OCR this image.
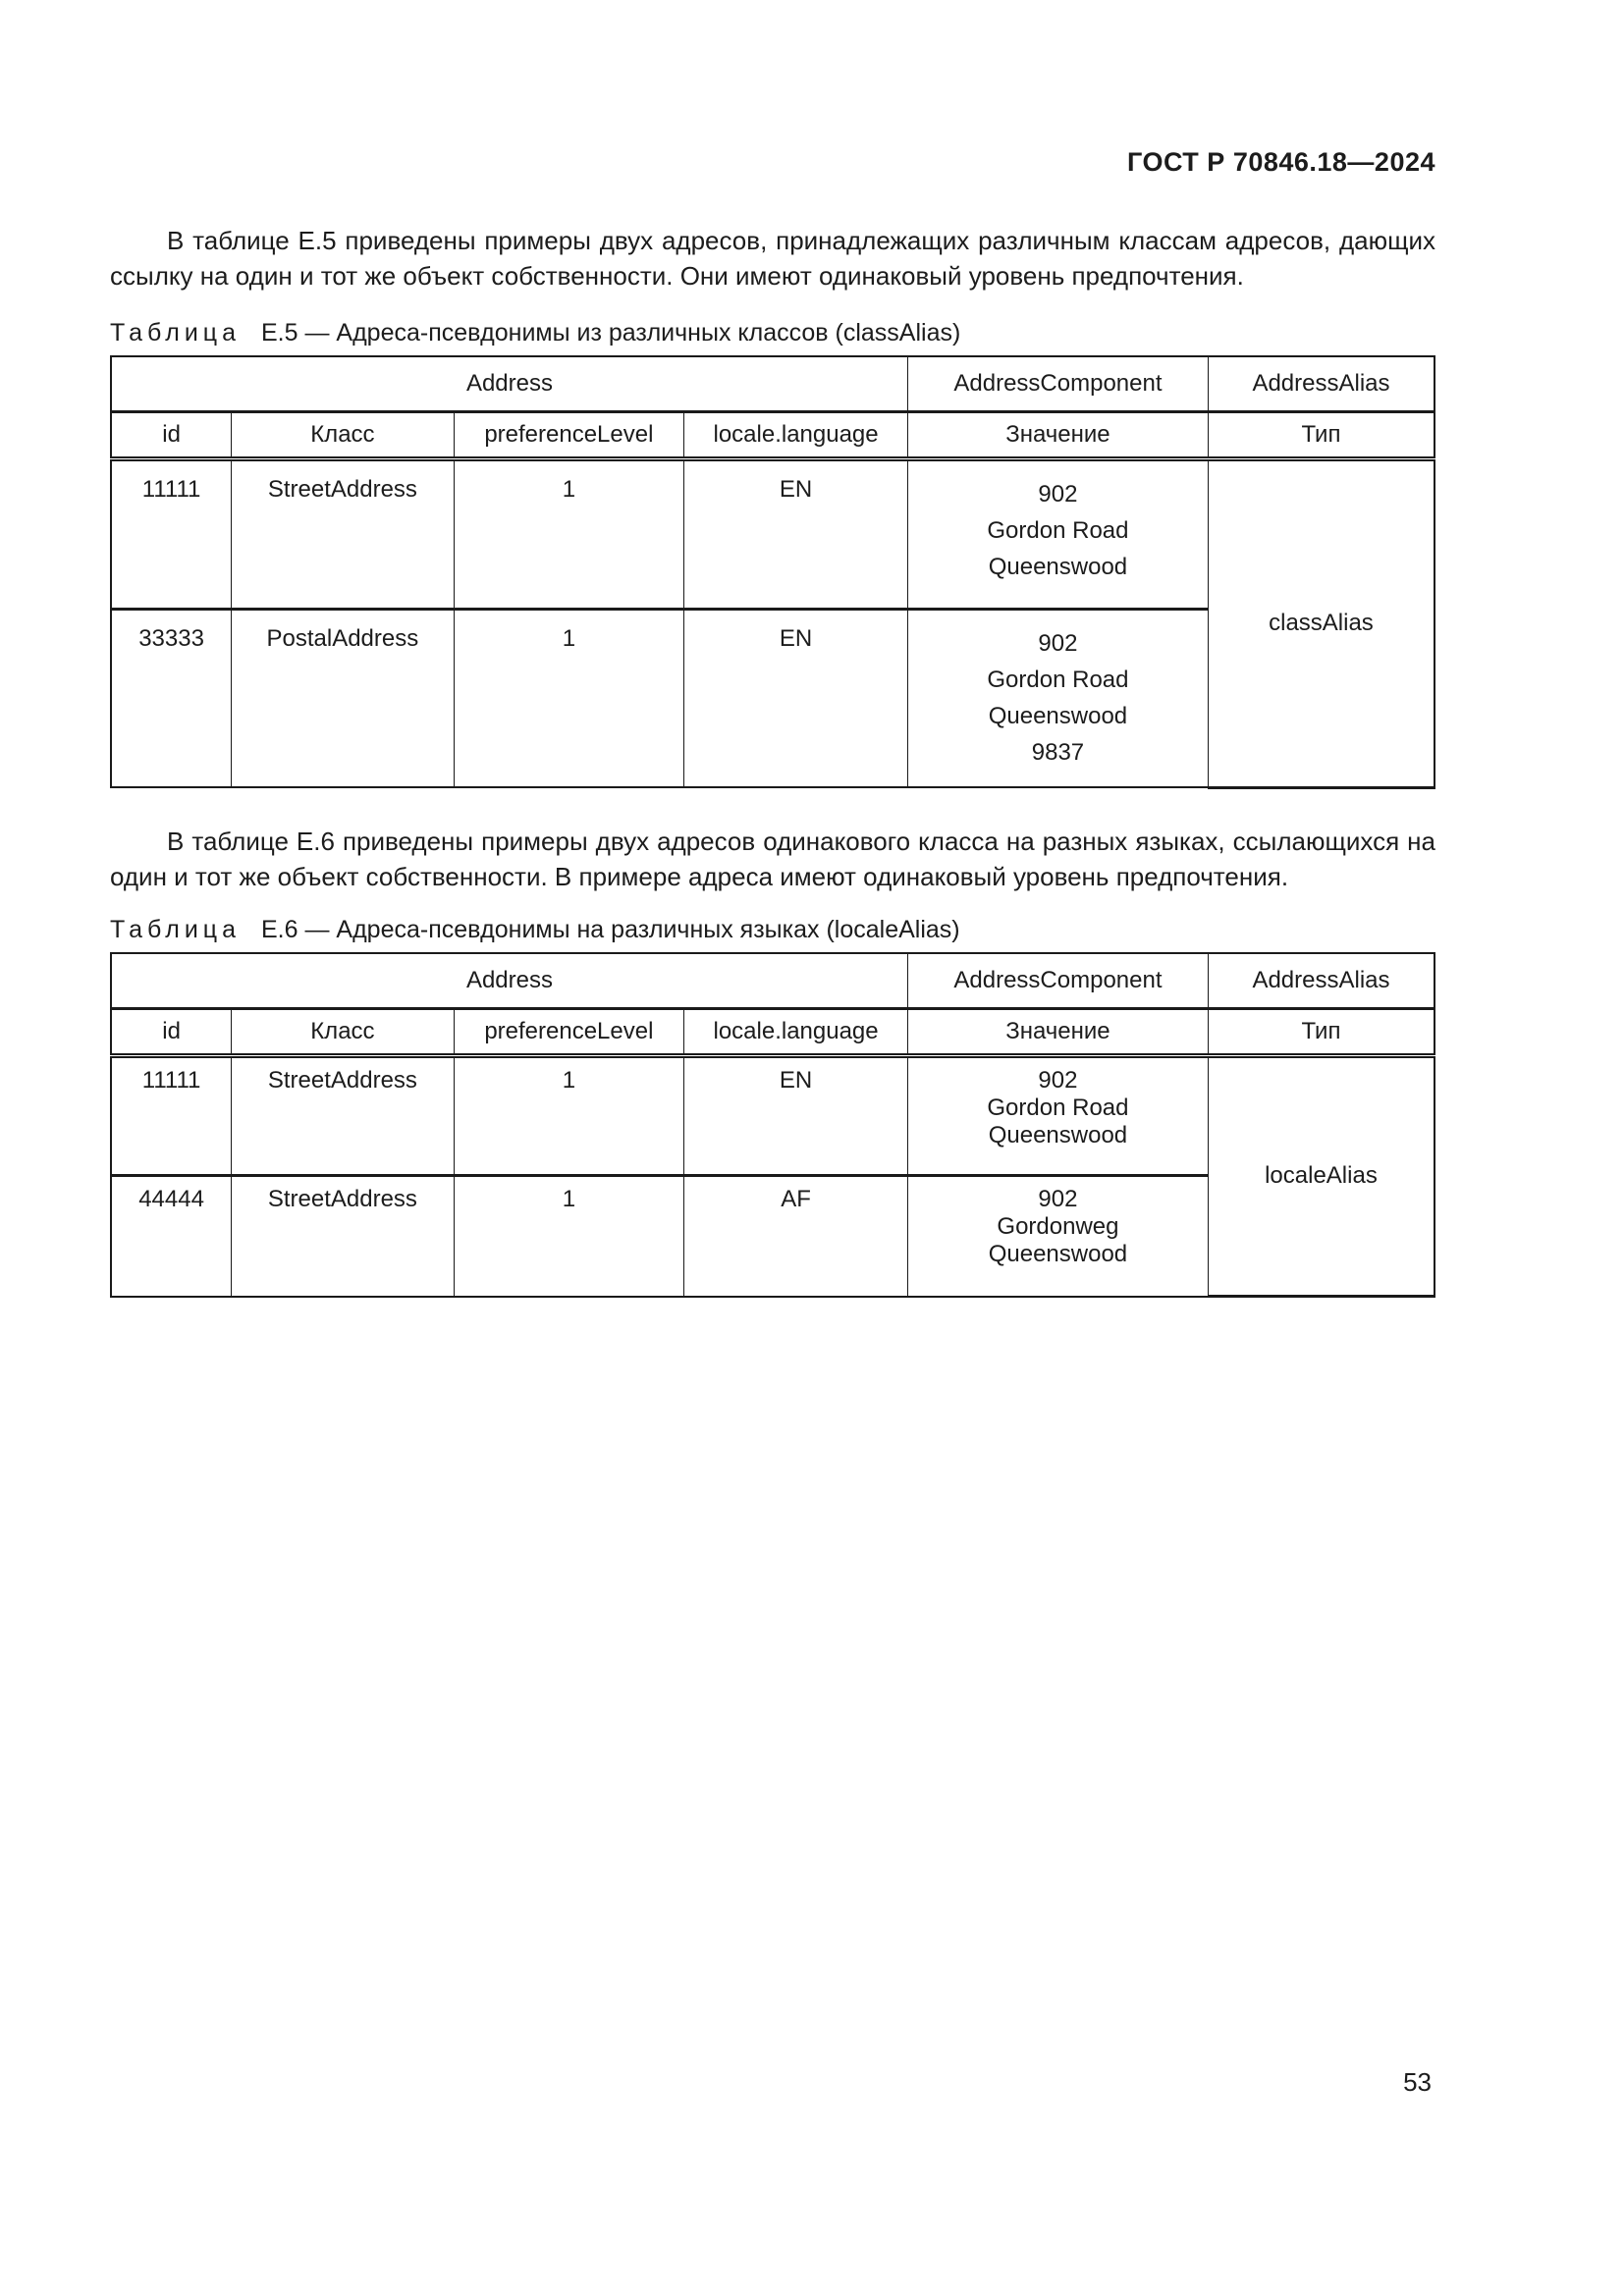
ГОСТ Р 70846.18—2024
В таблице Е.5 приведены примеры двух адресов, принадлежащих различным классам адресов, дающих ссылку на один и тот же объект собственности. Они имеют одинаковый уровень предпочтения.
Таблица Е.5 — Адреса-псевдонимы из различных классов (classAlias)
Address				AddressComponent	AddressAlias
id	Класс	preferenceLevel	locale.language	Значение	Тип
11111	StreetAddress	1	EN	902
Gordon Road
Queenswood	classAlias
33333	PostalAddress	1	EN	902
Gordon Road
Queenswood
9837	
В таблице Е.6 приведены примеры двух адресов одинакового класса на разных языках, ссылающихся на один и тот же объект собственности. В примере адреса имеют одинаковый уровень предпочтения.
Таблица Е.6 — Адреса-псевдонимы на различных языках (localeAlias)
Address				AddressComponent	AddressAlias
id	Класс	preferenceLevel	locale.language	Значение	Тип
11111	StreetAddress	1	EN	902
Gordon Road
Queenswood	localeAlias
44444	StreetAddress	1	AF	902
Gordonweg
Queenswood	
53
